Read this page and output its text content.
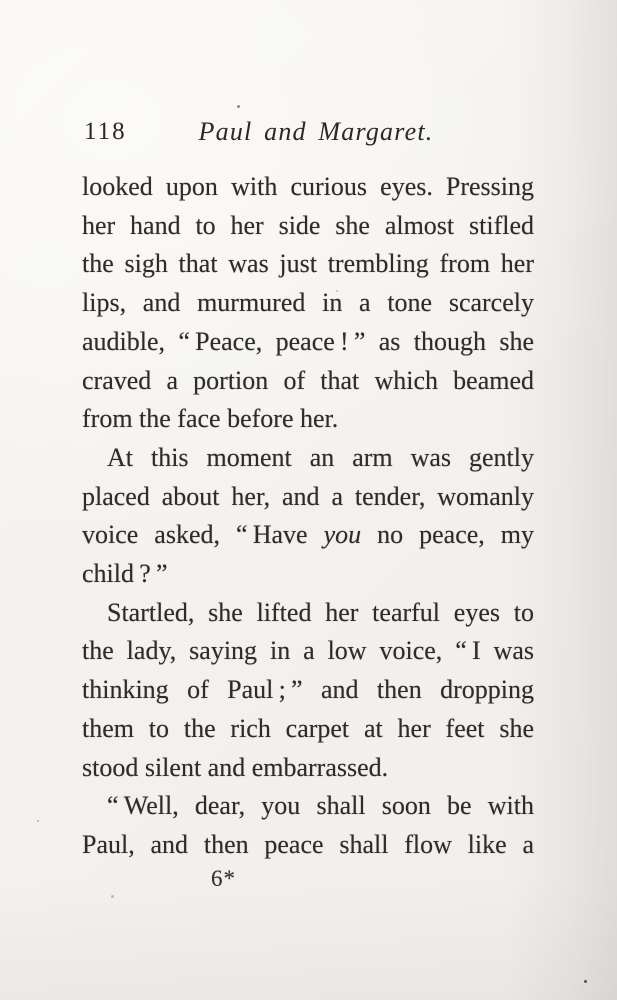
118	Paul and Margaret.
looked upon with curious eyes. Pressing
her hand to her side she almost stifled
the sigh that was just trembling from her
lips, and murmured in a tone scarcely
audible, “ Peace, peace ! ” as though she
craved a portion of that which beamed
from the face before her.
At this moment an arm was gently
placed about her, and a tender, womanly
voice asked, “ Have you no peace, my
child ? ”
Startled, she lifted her tearful eyes to
the lady, saying in a low voice, “ I was
thinking of Paul ; ” and then dropping
them to the rich carpet at her feet she
stood silent and embarrassed.
“ Well, dear, you shall soon be with
Paul, and then peace shall flow like a
6*
